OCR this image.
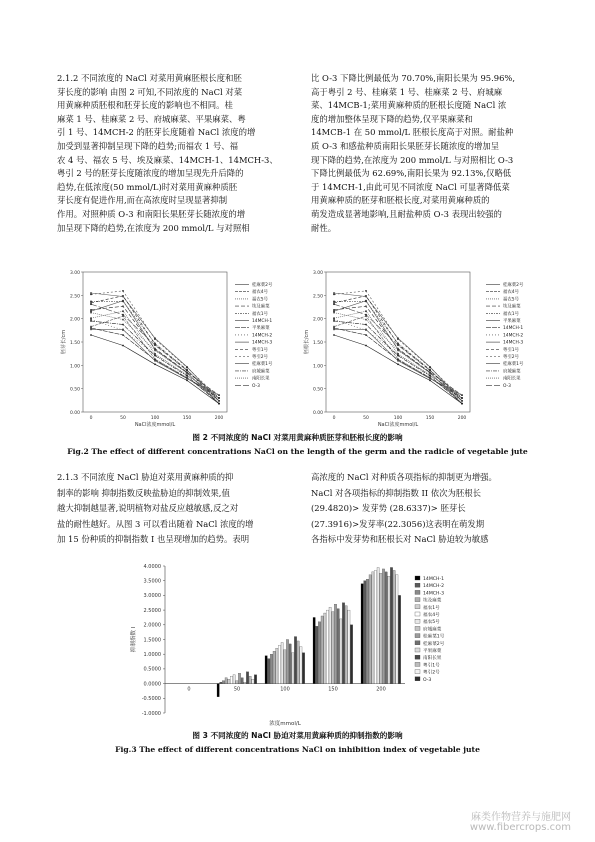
2.1.2 不同浓度的 NaCl 对菜用黄麻胚根长度和胚

芽长度的影响 由图 2 可知,不同浓度的 NaCl 对菜

用黄麻种质胚根和胚芽长度的影响也不相同。桂

麻菜 1 号、桂麻菜 2 号、府城麻菜、平果麻菜、粤

引 1 号、14MCH-2 的胚芽长度随着 NaCl 浓度的增

加受到显著抑制呈现下降的趋势;而福农 1 号、福

农 4 号、福农 5 号、埃及麻菜、14MCH-1、14MCH-3、

粤引 2 号的胚芽长度随浓度的增加呈现先升后降的

趋势,在低浓度(50 mmol/L)时对菜用黄麻种质胚

芽长度有促进作用,而在高浓度时呈现显著抑制

作用。对照种质 O-3 和南阳长果胚芽长随浓度的增

加呈现下降的趋势,在浓度为 200 mmol/L 与对照相

比 O-3 下降比例最低为 70.70%,南阳长果为 95.96%,

高于粤引 2 号、桂麻菜 1 号、桂麻菜 2 号、府城麻

菜、14MCB-1;菜用黄麻种质的胚根长度随 NaCl 浓

度的增加整体呈现下降的趋势,仅平果麻菜和

14MCB-1 在 50 mmol/L 胚根长度高于对照。耐盐种

质 O-3 和感盐种质南阳长果胚芽长随浓度的增加呈

现下降的趋势,在浓度为 200 mmol/L 与对照相比 O-3

下降比例最低为 62.69%,南阳长果为 92.13%,仅略低

于 14MCH-1,由此可见不同浓度 NaCl 可显著降低菜

用黄麻种质的胚芽和胚根长度,对菜用黄麻种质的

萌发造成显著地影响,且耐盐种质 O-3 表现出较强的

耐性。

3.00
2.50
2.00
1.50
1.00
0.50
0.00
0	50	100	150	200
胚芽长/cm
NaCl浓度mmol/L
桂麻菜2号
福农4号
福农5号
埃及麻菜
福农1号
14MCH-1
平果麻菜
14MCH-2
14MCH-3
粤引1号
粤引2号
桂麻菜1号
府城麻菜
南阳长果
O-3
3.00
2.50
2.00
1.50
1.00
0.50
0.00
0	50	100	150	200
胚根长/cm
NaCl浓度mmol/L
桂麻菜2号
福农4号
福农5号
埃及麻菜
福农1号
平果麻菜
14MCH-1
14MCH-2
14MCH-3
粤引1号
粤引2号
桂麻菜1号
府城麻菜
南阳长果
O-3
图 2 不同浓度的 NaCl 对菜用黄麻种质胚芽和胚根长度的影响
Fig.2 The effect of different concentrations NaCl on the length of the germ and the radicle of vegetable jute

2.1.3 不同浓度 NaCl 胁迫对菜用黄麻种质的抑

制率的影响 抑制指数反映盐胁迫的抑制效果,值

越大抑制越显著,说明植物对盐反应越敏感,反之对

盐的耐性越好。从图 3 可以看出随着 NaCl 浓度的增

加 15 份种质的抑制指数 I 也呈现增加的趋势。表明

高浓度的 NaCl 对种质各项指标的抑制更为增强。

NaCl 对各项指标的抑制指数 II 依次为胚根长

(29.4820)> 发芽势 (28.6337)> 胚芽长

(27.3916)>发芽率(22.3056)这表明在萌发期

各指标中发芽势和胚根长对 NaCl 胁迫较为敏感

4.0000
3.5000
3.0000
2.5000
2.0000
1.5000
1.0000
0.5000
0.0000
-0.5000
-1.0000
0	50	100	150	200
抑制指数 I
浓度mmol/L
14MCH-1
14MCH-2
14MCH-3
埃及麻菜
福农1号
福农4号
福农5号
府城麻菜
桂麻菜1号
桂麻菜2号
平果麻菜
南阳长果
粤引1号
粤引2号
O-3
图 3 不同浓度的 NaCl 胁迫对菜用黄麻种质的抑制指数的影响
Fig.3 The effect of different concentrations NaCl on inhibition index of vegetable jute
麻类作物营养与施肥网
www.fibercrops.com
